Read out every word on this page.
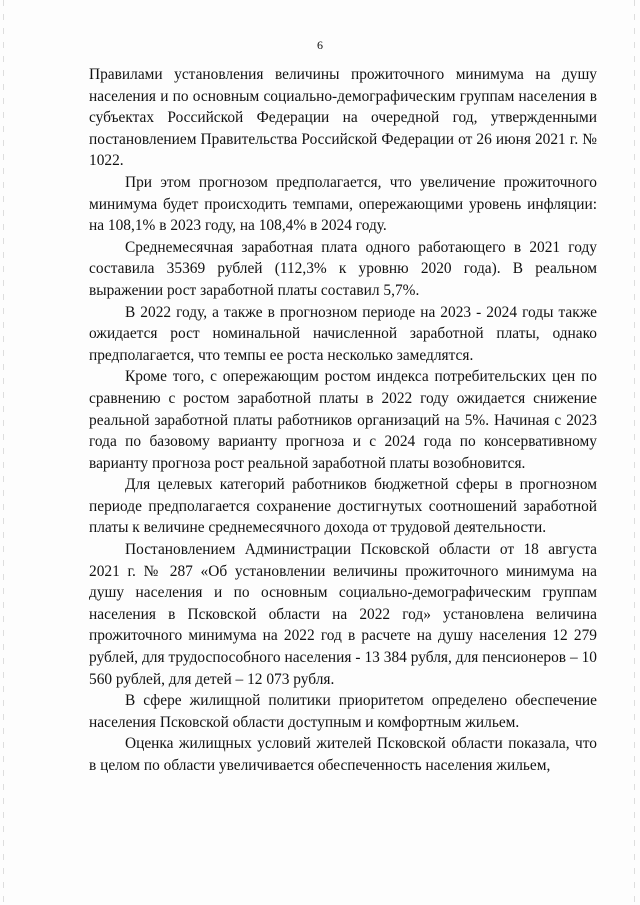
6

Правилами установления величины прожиточного минимума на душу населения и по основным социально-демографическим группам населения в субъектах Российской Федерации на очередной год, утвержденными постановлением Правительства Российской Федерации от 26 июня 2021 г. № 1022.

При этом прогнозом предполагается, что увеличение прожиточного минимума будет происходить темпами, опережающими уровень инфляции: на 108,1% в 2023 году, на 108,4% в 2024 году.

Среднемесячная заработная плата одного работающего в 2021 году составила 35369 рублей (112,3% к уровню 2020 года). В реальном выражении рост заработной платы составил 5,7%.

В 2022 году, а также в прогнозном периоде на 2023 - 2024 годы также ожидается рост номинальной начисленной заработной платы, однако предполагается, что темпы ее роста несколько замедлятся.

Кроме того, с опережающим ростом индекса потребительских цен по сравнению с ростом заработной платы в 2022 году ожидается снижение реальной заработной платы работников организаций на 5%. Начиная с 2023 года по базовому варианту прогноза и с 2024 года по консервативному варианту прогноза рост реальной заработной платы возобновится.

Для целевых категорий работников бюджетной сферы в прогнозном периоде предполагается сохранение достигнутых соотношений заработной платы к величине среднемесячного дохода от трудовой деятельности.

Постановлением Администрации Псковской области от 18 августа 2021 г. № 287 «Об установлении величины прожиточного минимума на душу населения и по основным социально-демографическим группам населения в Псковской области на 2022 год» установлена величина прожиточного минимума на 2022 год в расчете на душу населения 12 279 рублей, для трудоспособного населения - 13 384 рубля, для пенсионеров – 10 560 рублей, для детей – 12 073 рубля.

В сфере жилищной политики приоритетом определено обеспечение населения Псковской области доступным и комфортным жильем.

Оценка жилищных условий жителей Псковской области показала, что в целом по области увеличивается обеспеченность населения жильем,
